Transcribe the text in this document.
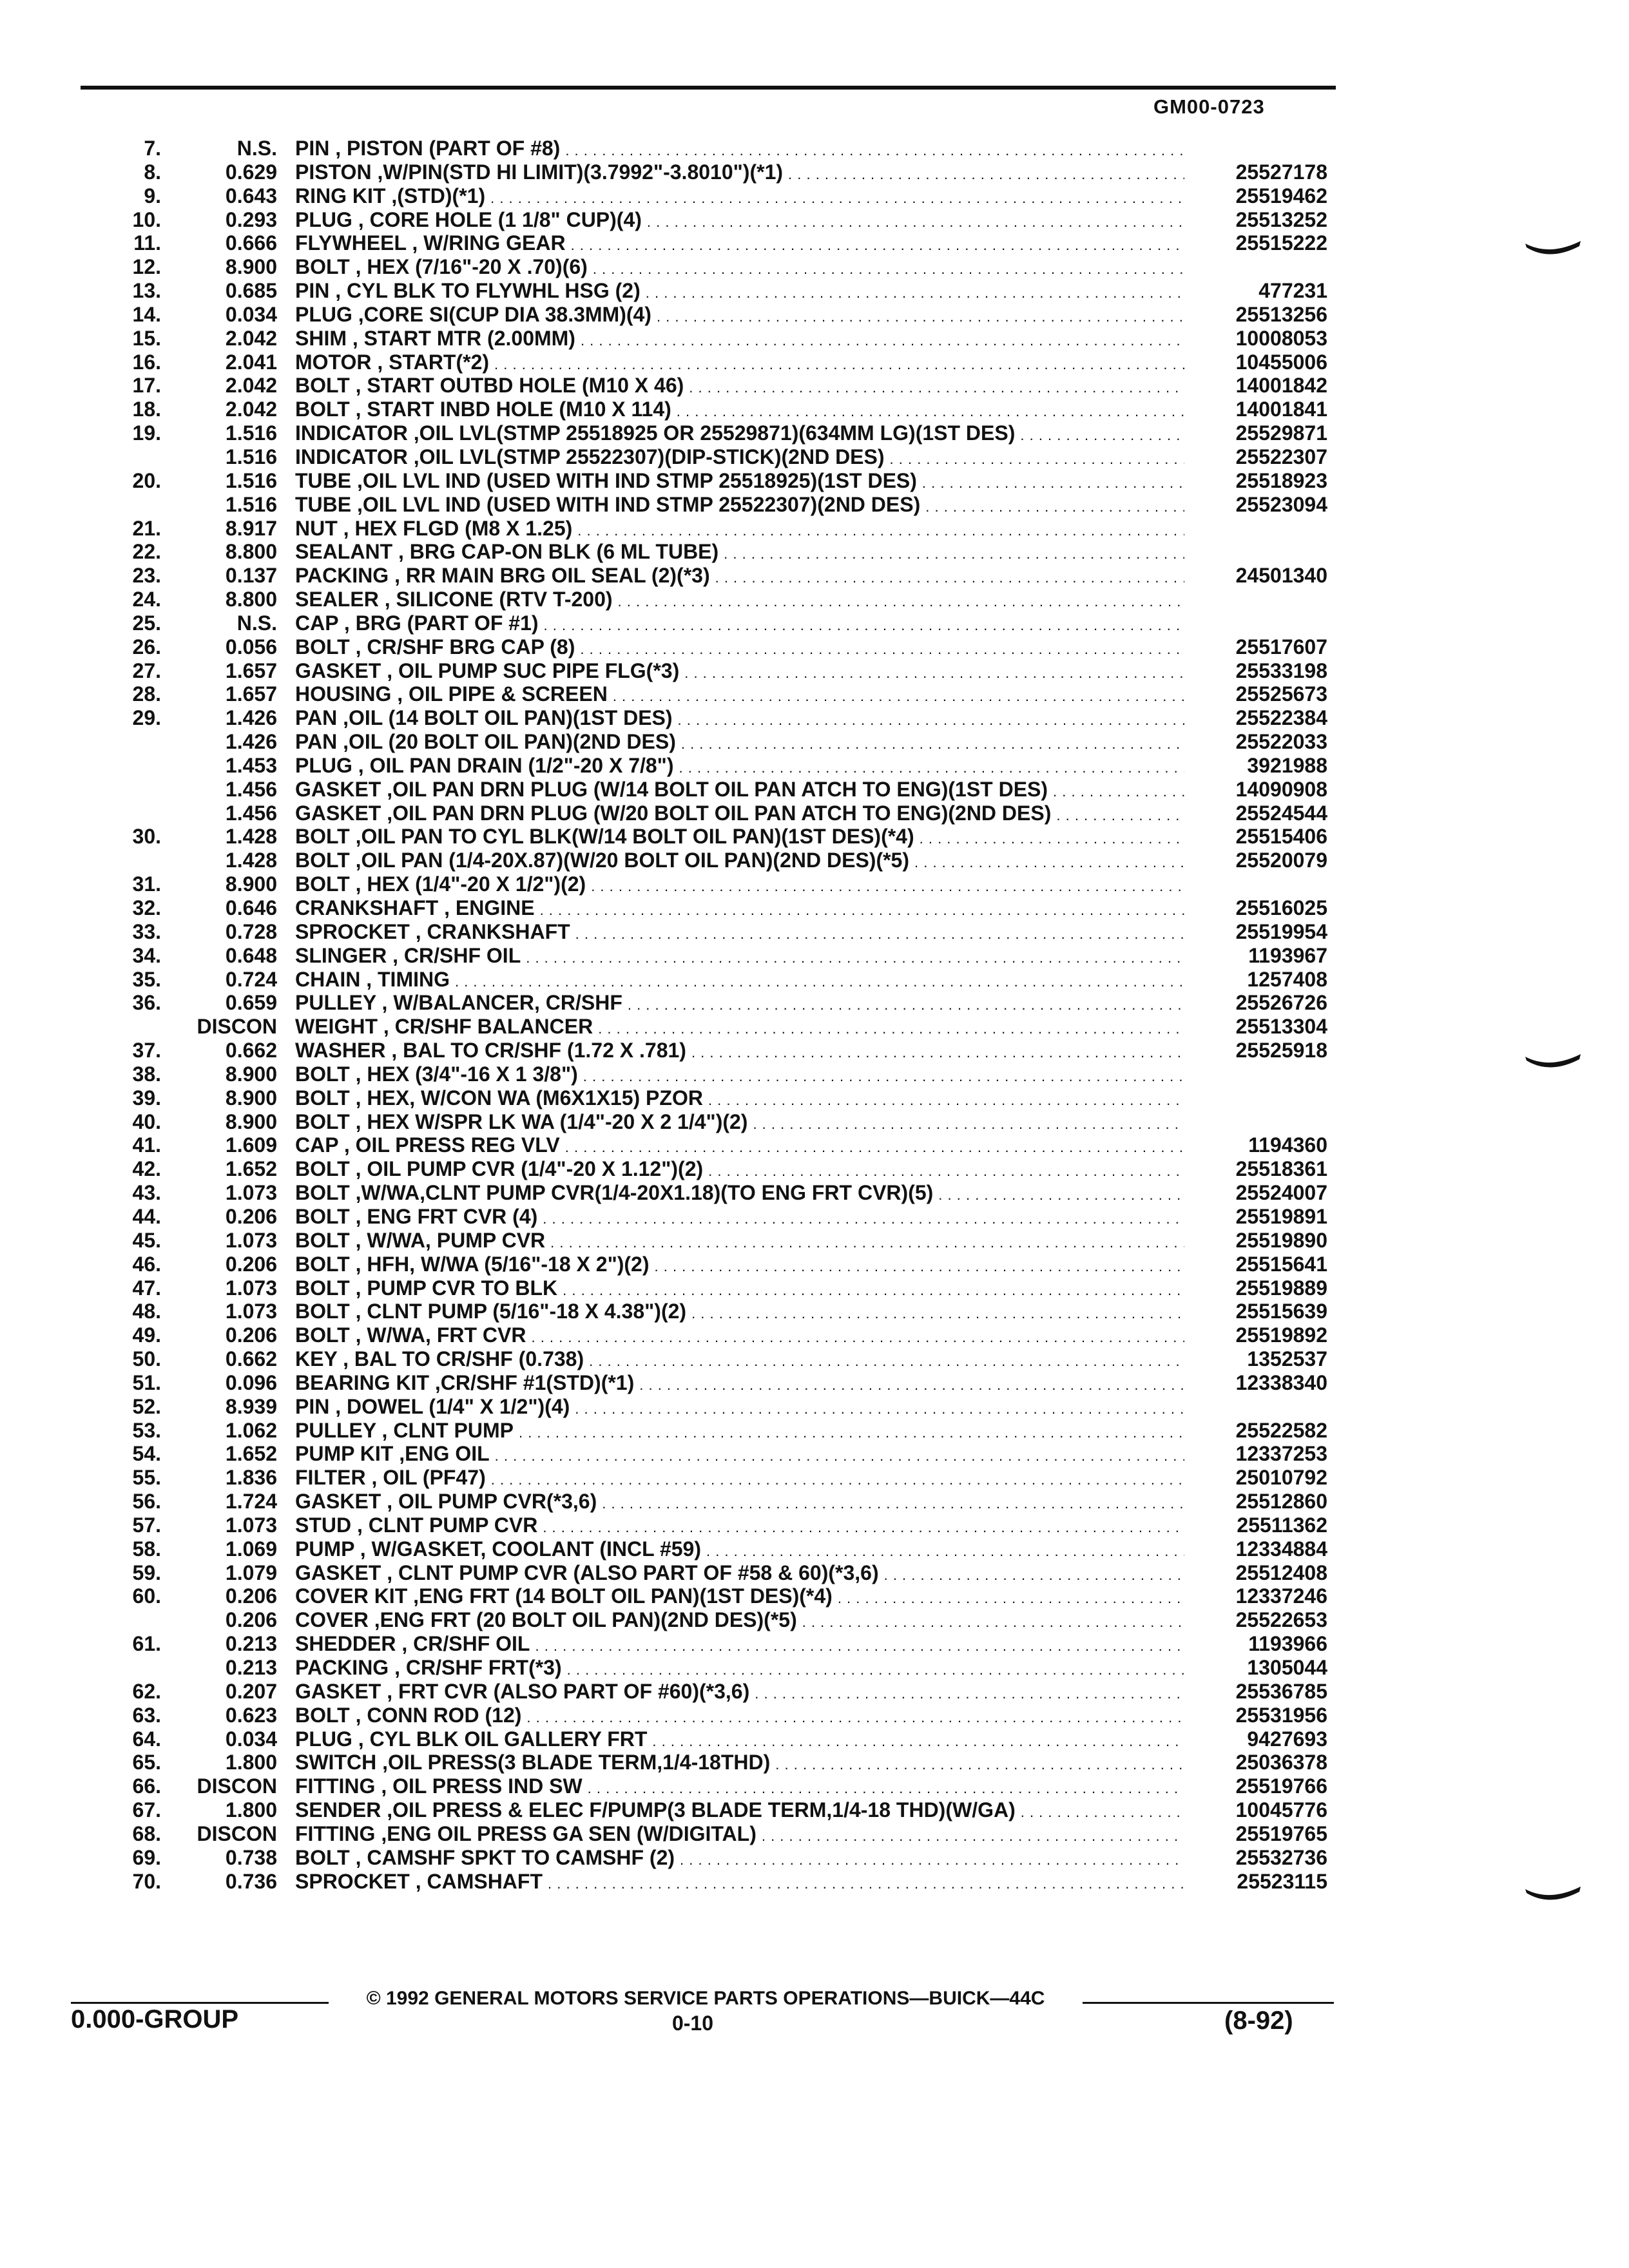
GM00-0723
7.	N.S. PIN , PISTON (PART OF #8) . . .
8.	0.629 PISTON ,W/PIN(STD HI LIMIT)(3.7992"-3.8010")(*1) . . .	25527178
9.	0.643 RING KIT ,(STD)(*1) . . .	25519462
10.	0.293 PLUG , CORE HOLE (1 1/8" CUP)(4) . . .	25513252
11.	0.666 FLYWHEEL , W/RING GEAR . . .	25515222
12.	8.900 BOLT , HEX (7/16"-20 X .70)(6) . . .
13.	0.685 PIN , CYL BLK TO FLYWHL HSG (2) . . .	477231
14.	0.034 PLUG ,CORE SI(CUP DIA 38.3MM)(4) . . .	25513256
15.	2.042 SHIM , START MTR (2.00MM) . . .	10008053
16.	2.041 MOTOR , START(*2) . . .	10455006
17.	2.042 BOLT , START OUTBD HOLE (M10 X 46) . . .	14001842
18.	2.042 BOLT , START INBD HOLE (M10 X 114) . . .	14001841
19.	1.516 INDICATOR ,OIL LVL(STMP 25518925 OR 25529871)(634MM LG)(1ST DES) . . .	25529871
1.516 INDICATOR ,OIL LVL(STMP 25522307)(DIP-STICK)(2ND DES) . . .	25522307
20.	1.516 TUBE ,OIL LVL IND (USED WITH IND STMP 25518925)(1ST DES) . . .	25518923
1.516 TUBE ,OIL LVL IND (USED WITH IND STMP 25522307)(2ND DES) . . .	25523094
21.	8.917 NUT , HEX FLGD (M8 X 1.25) . . .
22.	8.800 SEALANT , BRG CAP-ON BLK (6 ML TUBE) . . .
23.	0.137 PACKING , RR MAIN BRG OIL SEAL (2)(*3) . . .	24501340
24.	8.800 SEALER , SILICONE (RTV T-200) . . .
25.	N.S. CAP , BRG (PART OF #1) . . .
26.	0.056 BOLT , CR/SHF BRG CAP (8) . . .	25517607
27.	1.657 GASKET , OIL PUMP SUC PIPE FLG(*3) . . .	25533198
28.	1.657 HOUSING , OIL PIPE & SCREEN . . .	25525673
29.	1.426 PAN ,OIL (14 BOLT OIL PAN)(1ST DES) . . .	25522384
1.426 PAN ,OIL (20 BOLT OIL PAN)(2ND DES) . . .	25522033
1.453 PLUG , OIL PAN DRAIN (1/2"-20 X 7/8") . . .	3921988
1.456 GASKET ,OIL PAN DRN PLUG (W/14 BOLT OIL PAN ATCH TO ENG)(1ST DES) . . .	14090908
1.456 GASKET ,OIL PAN DRN PLUG (W/20 BOLT OIL PAN ATCH TO ENG)(2ND DES) . . .	25524544
30.	1.428 BOLT ,OIL PAN TO CYL BLK(W/14 BOLT OIL PAN)(1ST DES)(*4) . . .	25515406
1.428 BOLT ,OIL PAN (1/4-20X.87)(W/20 BOLT OIL PAN)(2ND DES)(*5) . . .	25520079
31.	8.900 BOLT , HEX (1/4"-20 X 1/2")(2) . . .
32.	0.646 CRANKSHAFT , ENGINE . . .	25516025
33.	0.728 SPROCKET , CRANKSHAFT . . .	25519954
34.	0.648 SLINGER , CR/SHF OIL . . .	1193967
35.	0.724 CHAIN , TIMING . . .	1257408
36.	0.659 PULLEY , W/BALANCER, CR/SHF . . .	25526726
DISCON WEIGHT , CR/SHF BALANCER . . .	25513304
37.	0.662 WASHER , BAL TO CR/SHF (1.72 X .781) . . .	25525918
38.	8.900 BOLT , HEX (3/4"-16 X 1 3/8") . . .
39.	8.900 BOLT , HEX, W/CON WA (M6X1X15) PZOR . . .
40.	8.900 BOLT , HEX W/SPR LK WA (1/4"-20 X 2 1/4")(2) . . .
41.	1.609 CAP , OIL PRESS REG VLV . . .	1194360
42.	1.652 BOLT , OIL PUMP CVR (1/4"-20 X 1.12")(2) . . .	25518361
43.	1.073 BOLT ,W/WA,CLNT PUMP CVR(1/4-20X1.18)(TO ENG FRT CVR)(5) . . .	25524007
44.	0.206 BOLT , ENG FRT CVR (4) . . .	25519891
45.	1.073 BOLT , W/WA, PUMP CVR . . .	25519890
46.	0.206 BOLT , HFH, W/WA (5/16"-18 X 2")(2) . . .	25515641
47.	1.073 BOLT , PUMP CVR TO BLK . . .	25519889
48.	1.073 BOLT , CLNT PUMP (5/16"-18 X 4.38")(2) . . .	25515639
49.	0.206 BOLT , W/WA, FRT CVR . . .	25519892
50.	0.662 KEY , BAL TO CR/SHF (0.738) . . .	1352537
51.	0.096 BEARING KIT ,CR/SHF #1(STD)(*1) . . .	12338340
52.	8.939 PIN , DOWEL (1/4" X 1/2")(4) . . .
53.	1.062 PULLEY , CLNT PUMP . . .	25522582
54.	1.652 PUMP KIT ,ENG OIL . . .	12337253
55.	1.836 FILTER , OIL (PF47) . . .	25010792
56.	1.724 GASKET , OIL PUMP CVR(*3,6) . . .	25512860
57.	1.073 STUD , CLNT PUMP CVR . . .	25511362
58.	1.069 PUMP , W/GASKET, COOLANT (INCL #59) . . .	12334884
59.	1.079 GASKET , CLNT PUMP CVR (ALSO PART OF #58 & 60)(*3,6) . . .	25512408
60.	0.206 COVER KIT ,ENG FRT (14 BOLT OIL PAN)(1ST DES)(*4) . . .	12337246
0.206 COVER ,ENG FRT (20 BOLT OIL PAN)(2ND DES)(*5) . . .	25522653
61.	0.213 SHEDDER , CR/SHF OIL . . .	1193966
0.213 PACKING , CR/SHF FRT(*3) . . .	1305044
62.	0.207 GASKET , FRT CVR (ALSO PART OF #60)(*3,6) . . .	25536785
63.	0.623 BOLT , CONN ROD (12) . . .	25531956
64.	0.034 PLUG , CYL BLK OIL GALLERY FRT . . .	9427693
65.	1.800 SWITCH ,OIL PRESS(3 BLADE TERM,1/4-18THD) . . .	25036378
66.	DISCON FITTING , OIL PRESS IND SW . . .	25519766
67.	1.800 SENDER ,OIL PRESS & ELEC F/PUMP(3 BLADE TERM,1/4-18 THD)(W/GA) . . .	10045776
68.	DISCON FITTING ,ENG OIL PRESS GA SEN (W/DIGITAL) . . .	25519765
69.	0.738 BOLT , CAMSHF SPKT TO CAMSHF (2) . . .	25532736
70.	0.736 SPROCKET , CAMSHAFT . . .	25523115
© 1992 GENERAL MOTORS SERVICE PARTS OPERATIONS—BUICK—44C
0.000-GROUP	0-10	(8-92)
